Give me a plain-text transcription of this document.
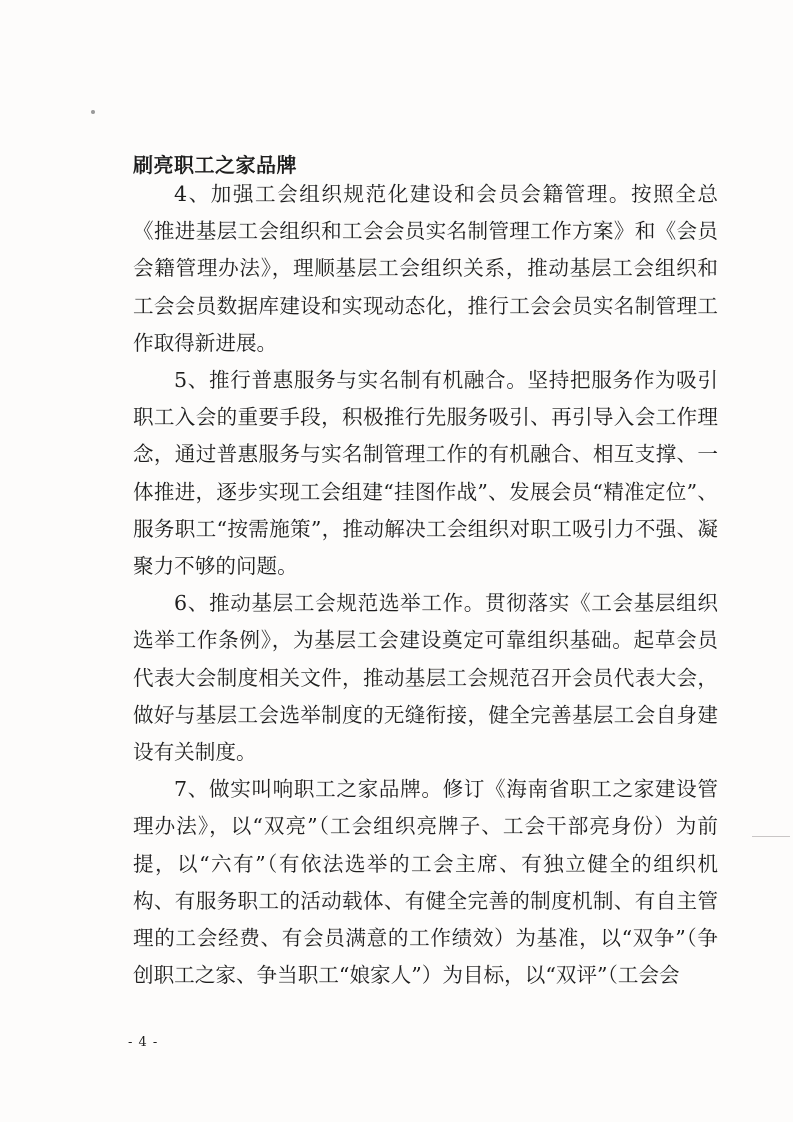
刷亮职工之家品牌

4、加强工会组织规范化建设和会员会籍管理。按照全总《推进基层工会组织和工会会员实名制管理工作方案》和《会员会籍管理办法》，理顺基层工会组织关系，推动基层工会组织和工会会员数据库建设和实现动态化，推行工会会员实名制管理工作取得新进展。

5、推行普惠服务与实名制有机融合。坚持把服务作为吸引职工入会的重要手段，积极推行先服务吸引、再引导入会工作理念，通过普惠服务与实名制管理工作的有机融合、相互支撑、一体推进，逐步实现工会组建“挂图作战”、发展会员“精准定位”、服务职工“按需施策”，推动解决工会组织对职工吸引力不强、凝聚力不够的问题。

6、推动基层工会规范选举工作。贯彻落实《工会基层组织选举工作条例》，为基层工会建设奠定可靠组织基础。起草会员代表大会制度相关文件，推动基层工会规范召开会员代表大会，做好与基层工会选举制度的无缝衔接，健全完善基层工会自身建设有关制度。

7、做实叫响职工之家品牌。修订《海南省职工之家建设管理办法》，以“双亮”（工会组织亮牌子、工会干部亮身份）为前提，以“六有”（有依法选举的工会主席、有独立健全的组织机构、有服务职工的活动载体、有健全完善的制度机制、有自主管理的工会经费、有会员满意的工作绩效）为基准，以“双争”（争创职工之家、争当职工“娘家人”）为目标，以“双评”（工会会

- 4 -
